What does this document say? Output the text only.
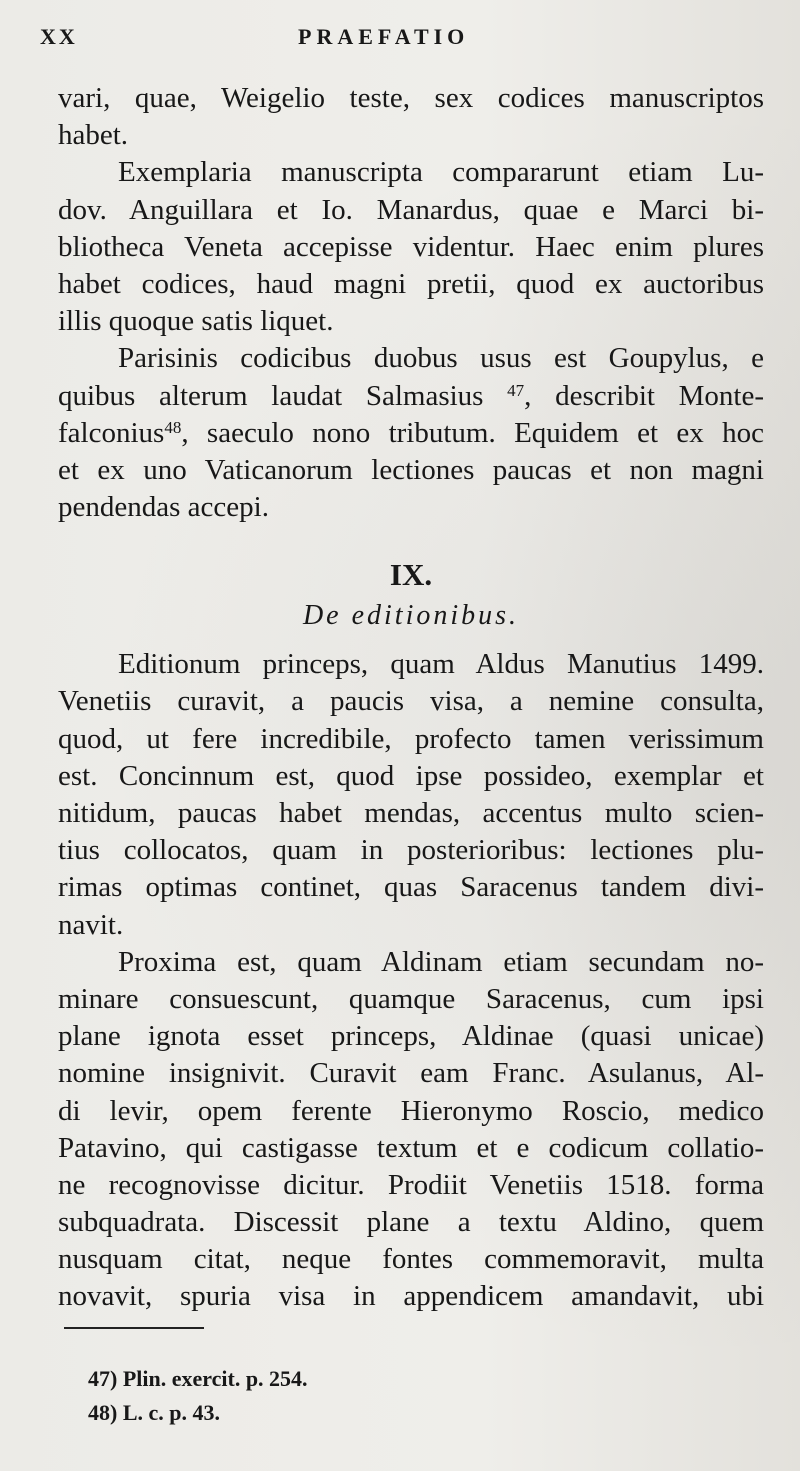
XX	PRAEFATIO
vari, quae, Weigelio teste, sex codices manuscriptos
habet.
Exemplaria manuscripta compararunt etiam Lu-
dov. Anguillara et Io. Manardus, quae e Marci bi-
bliotheca Veneta accepisse videntur. Haec enim plures
habet codices, haud magni pretii, quod ex auctoribus
illis quoque satis liquet.
Parisinis codicibus duobus usus est Goupylus, e
quibus alterum laudat Salmasius $^{47}$, describit Monte-
falconius$^{48}$, saeculo nono tributum. Equidem et ex hoc
et ex uno Vaticanorum lectiones paucas et non magni
pendendas accepi.
IX.
De editionibus.
Editionum princeps, quam Aldus Manutius 1499.
Venetiis curavit, a paucis visa, a nemine consulta,
quod, ut fere incredibile, profecto tamen verissimum
est. Concinnum est, quod ipse possideo, exemplar et
nitidum, paucas habet mendas, accentus multo scien-
tius collocatos, quam in posterioribus: lectiones plu-
rimas optimas continet, quas Saracenus tandem divi-
navit.
Proxima est, quam Aldinam etiam secundam no-
minare consuescunt, quamque Saracenus, cum ipsi
plane ignota esset princeps, Aldinae (quasi unicae)
nomine insignivit. Curavit eam Franc. Asulanus, Al-
di levir, opem ferente Hieronymo Roscio, medico
Patavino, qui castigasse textum et e codicum collatio-
ne recognovisse dicitur. Prodiit Venetiis 1518. forma
subquadrata. Discessit plane a textu Aldino, quem
nusquam citat, neque fontes commemoravit, multa
novavit, spuria visa in appendicem amandavit, ubi
47) Plin. exercit. p. 254.
48) L. c. p. 43.
